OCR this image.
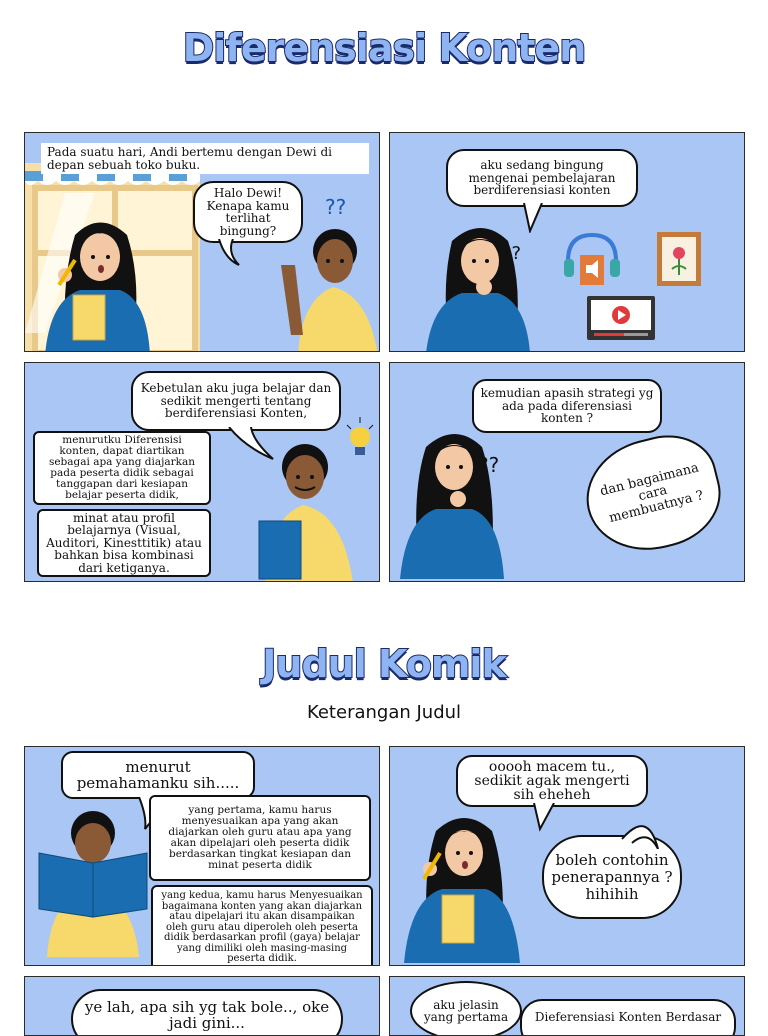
Diferensiasi Konten
Pada suatu hari, Andi bertemu dengan Dewi di depan sebuah toko buku.
Halo Dewi! Kenapa kamu terlihat bingung?
??
aku sedang bingung mengenai pembelajaran berdiferensiasi konten
??
Kebetulan aku juga belajar dan sedikit mengerti tentang berdiferensiasi Konten,
menurutku Diferensisi konten, dapat diartikan sebagai apa yang diajarkan pada peserta didik sebagai tanggapan dari kesiapan belajar peserta didik,
minat atau profil belajarnya (Visual, Auditori, Kinesttitik) atau bahkan bisa kombinasi dari ketiganya.
kemudian apasih strategi yg ada pada diferensiasi konten ?
dan bagaimana cara membuatnya ?
??
Judul Komik
Keterangan Judul
menurut pemahamanku sih.....
yang pertama, kamu harus menyesuaikan apa yang akan diajarkan oleh guru atau apa yang akan dipelajari oleh peserta didik berdasarkan tingkat kesiapan dan minat peserta didik
yang kedua, kamu harus Menyesuaikan bagaimana konten yang akan diajarkan atau dipelajari itu akan disampaikan oleh guru atau diperoleh oleh peserta didik berdasarkan profil (gaya) belajar yang dimiliki oleh masing-masing peserta didik.
ooooh macem tu., sedikit agak mengerti sih eheheh
boleh contohin penerapannya ? hihihih
ye lah, apa sih yg tak bole.., oke jadi gini...
aku jelasin yang pertama	Dieferensiasi Konten Berdasar
